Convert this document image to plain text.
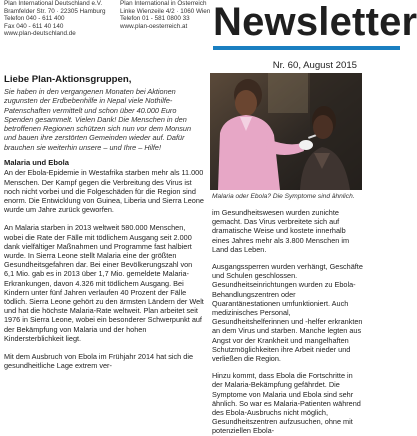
Plan International Deutschland e.V.
Bramfelder Str. 70 · 22305 Hamburg
Telefon 040 - 611 400
Fax 040 - 611 40 140
www.plan-deutschland.de
Plan International in Österreich
Linke Wienzeile 4/2 · 1060 Wien
Telefon 01 - 581 0800 33
www.plan-oesterreich.at Newsletter
Nr. 60, August 2015

Liebe Plan-Aktionsgruppen,

Sie haben in den vergangenen Monaten bei Aktionen zugunsten der Erdbebenhilfe in Nepal viele Nothilfe-Patenschaften vermittelt und schon über 40.000 Euro Spenden gesammelt. Vielen Dank! Die Menschen in den betroffenen Regionen schützen sich nun vor dem Monsun und bauen ihre zerstörten Gemeinden wieder auf. Dafür brauchen sie weiterhin unsere – und Ihre – Hilfe!

Malaria und Ebola

An der Ebola-Epidemie in Westafrika starben mehr als 11.000 Menschen. Der Kampf gegen die Verbreitung des Virus ist noch nicht vorbei und die Folgeschäden für die Region sind enorm. Die Entwicklung von Guinea, Liberia und Sierra Leone wurde um Jahre zurück geworfen.

An Malaria starben in 2013 weltweit 580.000 Menschen, wobei die Rate der Fälle mit tödlichem Ausgang seit 2.000 dank vielfältiger Maßnahmen und Programme fast halbiert wurde. In Sierra Leone stellt Malaria eine der größten Gesundheitsgefahren dar. Bei einer Bevölkerungszahl von 6,1 Mio. gab es in 2013 über 1,7 Mio. gemeldete Malaria-Erkrankungen, davon 4.326 mit tödlichem Ausgang. Bei Kindern unter fünf Jahren verlaufen 40 Prozent der Fälle tödlich. Sierra Leone gehört zu den ärmsten Ländern der Welt und hat die höchste Malaria-Rate weltweit. Plan arbeitet seit 1976 in Sierra Leone, wobei ein besonderer Schwerpunkt auf der Bekämpfung von Malaria und der hohen Kindersterblichkeit liegt.

Mit dem Ausbruch von Ebola im Frühjahr 2014 hat sich die gesundheitliche Lage extrem ver-

Malaria oder Ebola? Die Symptome sind ähnlich.

im Gesundheitswesen wurden zunichte gemacht. Das Virus verbreitete sich auf dramatische Weise und kostete innerhalb eines Jahres mehr als 3.800 Menschen im Land das Leben.

Ausgangssperren wurden verhängt, Geschäfte und Schulen geschlossen. Gesundheitseinrichtungen wurden zu Ebola-Behandlungszentren oder Quarantänestationen umfunktioniert. Auch medizinisches Personal, Gesundheitshelferinnen und -helfer erkrankten an dem Virus und starben. Manche legten aus Angst vor der Krankheit und mangelhaften Schutzmöglichkeiten ihre Arbeit nieder und verließen die Region.

Hinzu kommt, dass Ebola die Fortschritte in der Malaria-Bekämpfung gefährdet. Die Symptome von Malaria und Ebola sind sehr ähnlich. So war es Malaria-Patienten während des Ebola-Ausbruchs nicht möglich, Gesundheitszentren aufzusuchen, ohne mit potenziellen Ebola-
